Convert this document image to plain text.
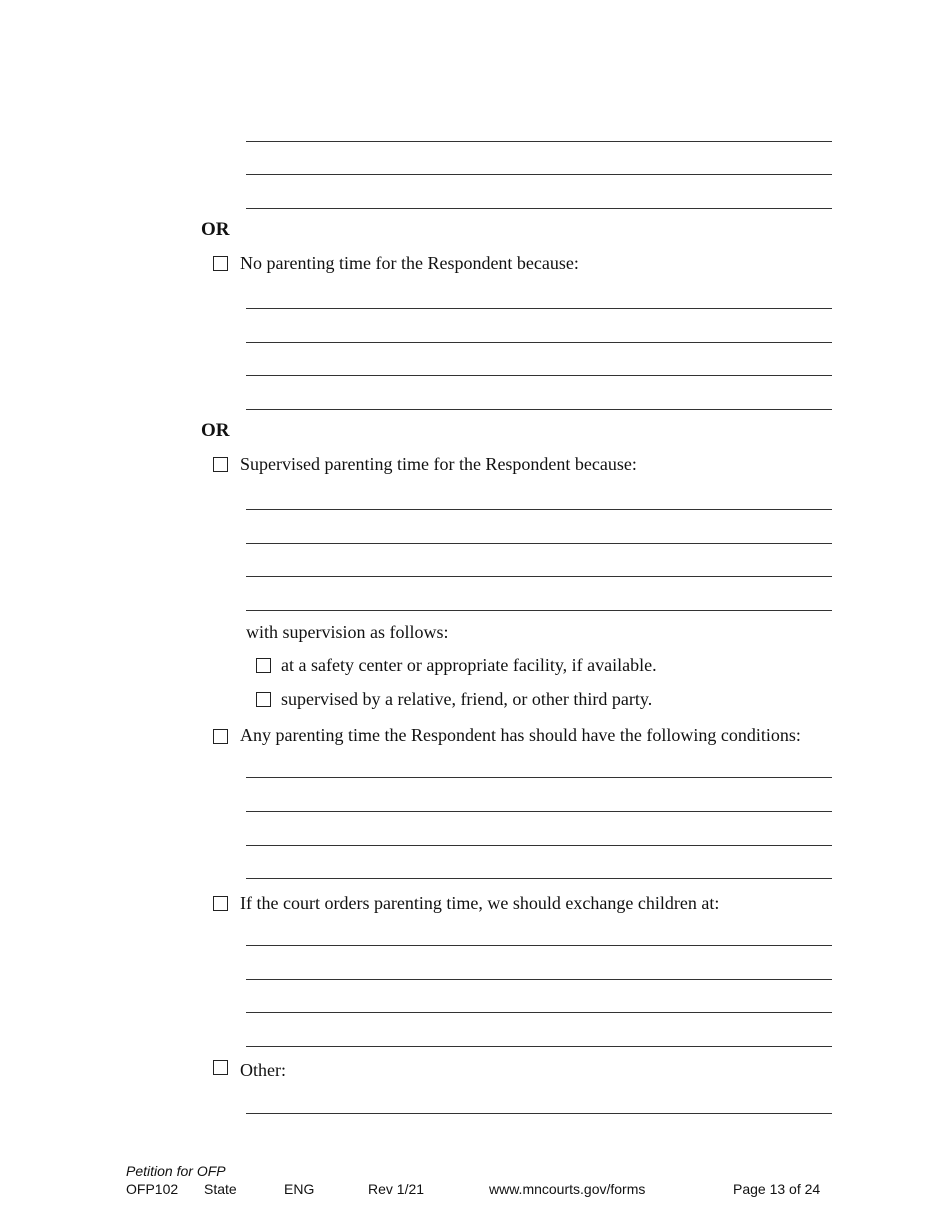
OR
No parenting time for the Respondent because:
OR
Supervised parenting time for the Respondent because:
with supervision as follows:
at a safety center or appropriate facility, if available.
supervised by a relative, friend, or other third party.
Any parenting time the Respondent has should have the following conditions:
If the court orders parenting time, we should exchange children at:
Other:
Petition for OFP
OFP102 State	ENG	Rev 1/21	www.mncourts.gov/forms	Page 13 of 24
